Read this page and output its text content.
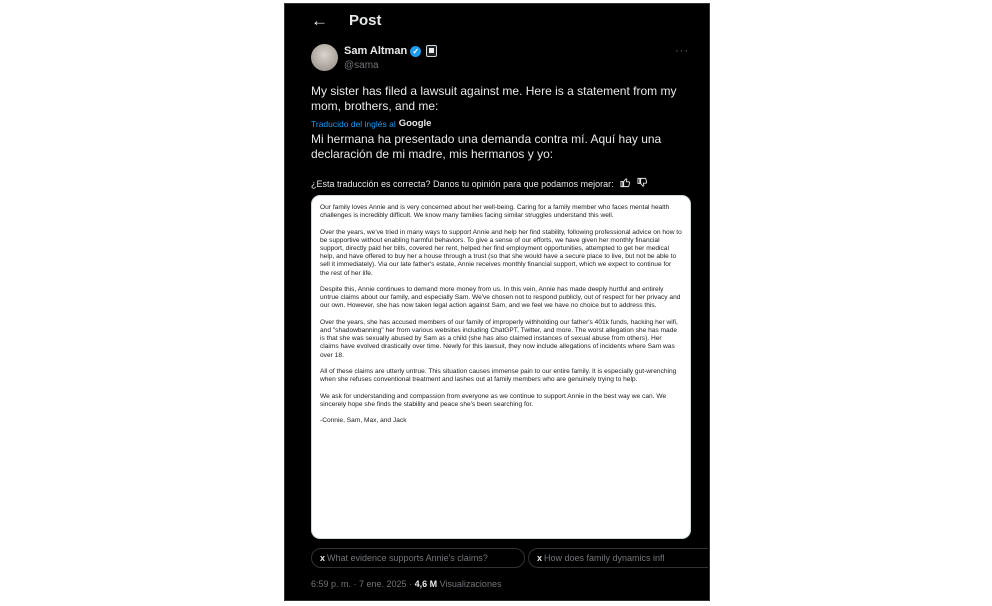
← Post
Sam Altman ✓
@sama
···
My sister has filed a lawsuit against me. Here is a statement from my mom, brothers, and me:
Traducido del inglés al Google
Mi hermana ha presentado una demanda contra mí. Aquí hay una declaración de mi madre, mis hermanos y yo:
¿Esta traducción es correcta? Danos tu opinión para que podamos mejorar:

Our family loves Annie and is very concerned about her well-being. Caring for a family member who faces mental health challenges is incredibly difficult. We know many families facing similar struggles understand this well.

Over the years, we've tried in many ways to support Annie and help her find stability, following professional advice on how to be supportive without enabling harmful behaviors. To give a sense of our efforts, we have given her monthly financial support, directly paid her bills, covered her rent, helped her find employment opportunities, attempted to get her medical help, and have offered to buy her a house through a trust (so that she would have a secure place to live, but not be able to sell it immediately). Via our late father's estate, Annie receives monthly financial support, which we expect to continue for the rest of her life.

Despite this, Annie continues to demand more money from us. In this vein, Annie has made deeply hurtful and entirely untrue claims about our family, and especially Sam. We've chosen not to respond publicly, out of respect for her privacy and our own. However, she has now taken legal action against Sam, and we feel we have no choice but to address this.

Over the years, she has accused members of our family of improperly withholding our father's 401k funds, hacking her wifi, and "shadowbanning" her from various websites including ChatGPT, Twitter, and more. The worst allegation she has made is that she was sexually abused by Sam as a child (she has also claimed instances of sexual abuse from others). Her claims have evolved drastically over time. Newly for this lawsuit, they now include allegations of incidents where Sam was over 18.

All of these claims are utterly untrue. This situation causes immense pain to our entire family. It is especially gut-wrenching when she refuses conventional treatment and lashes out at family members who are genuinely trying to help.

We ask for understanding and compassion from everyone as we continue to support Annie in the best way we can. We sincerely hope she finds the stability and peace she's been searching for.

-Connie, Sam, Max, and Jack

x What evidence supports Annie's claims?	x How does family dynamics infl
6:59 p. m. · 7 ene. 2025 · 4,6 M Visualizaciones
